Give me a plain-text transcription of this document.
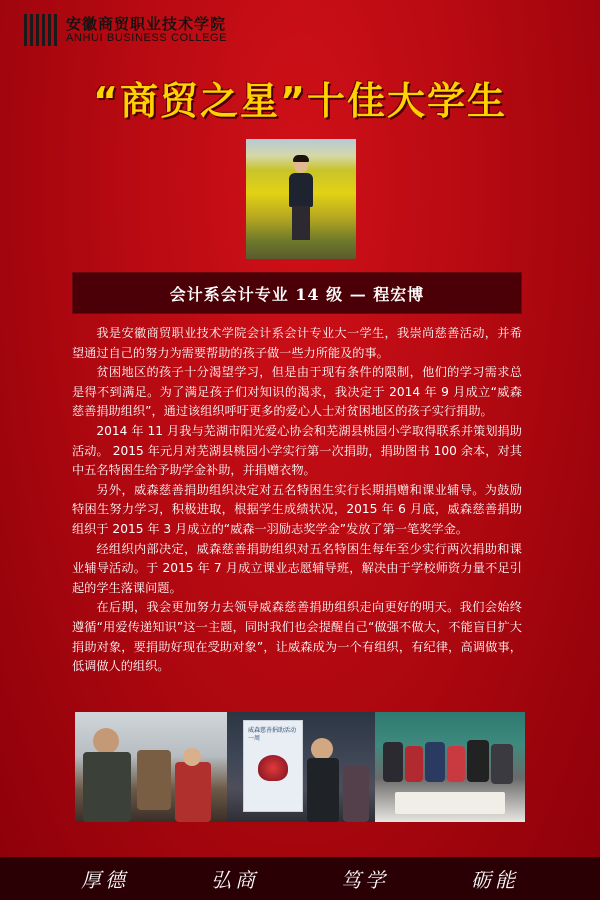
安徽商贸职业技术学院
ANHUI BUSINESS COLLEGE
“商贸之星”十佳大学生
会计系会计专业 14 级 — 程宏博

我是安徽商贸职业技术学院会计系会计专业大一学生，我崇尚慈善活动，并希望通过自己的努力为需要帮助的孩子做一些力所能及的事。

贫困地区的孩子十分渴望学习，但是由于现有条件的限制，他们的学习需求总是得不到满足。为了满足孩子们对知识的渴求，我决定于 2014 年 9 月成立“威森慈善捐助组织”，通过该组织呼吁更多的爱心人士对贫困地区的孩子实行捐助。

2014 年 11 月我与芜湖市阳光爱心协会和芜湖县桃园小学取得联系并策划捐助活动。 2015 年元月对芜湖县桃园小学实行第一次捐助，捐助图书 100 余本，对其中五名特困生给予助学金补助，并捐赠衣物。

另外，威森慈善捐助组织决定对五名特困生实行长期捐赠和课业辅导。为鼓励特困生努力学习，积极进取，根据学生成绩状况，2015 年 6 月底，威森慈善捐助组织于 2015 年 3 月成立的“威森一羽励志奖学金”发放了第一笔奖学金。

经组织内部决定，威森慈善捐助组织对五名特困生每年至少实行两次捐助和课业辅导活动。于 2015 年 7 月成立课业志愿辅导班，解决由于学校师资力量不足引起的学生落课问题。

在后期，我会更加努力去领导威森慈善捐助组织走向更好的明天。我们会始终遵循“用爱传递知识”这一主题，同时我们也会提醒自己“做强不做大，不能盲目扩大捐助对象，要捐助好现在受助对象”，让威森成为一个有组织，有纪律，高调做事，低调做人的组织。

威森慈善捐助活动一周
厚德	弘商	笃学	砺能
